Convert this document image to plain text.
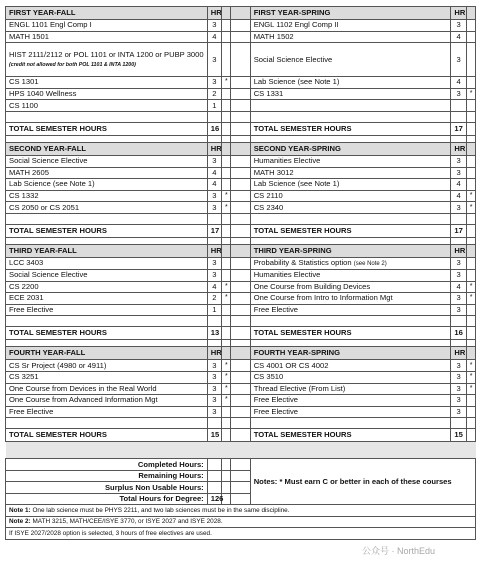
FIRST YEAR-FALL	HR			FIRST YEAR-SPRING	HR	
ENGL 1101 Engl Comp I	3			ENGL 1102 Engl Comp II	3	
MATH 1501	4			MATH 1502	4	
HIST 2111/2112 or POL 1101 or INTA 1200 or PUBP 3000 (credit not allowed for both POL 1101 & INTA 1200)	3			Social Science Elective	3	
CS 1301	3	*		Lab Science (see Note 1)	4	
HPS 1040 Wellness	2			CS 1331	3	*
CS 1100	1					

TOTAL SEMESTER HOURS	16			TOTAL SEMESTER HOURS	17	

SECOND YEAR-FALL	HR			SECOND YEAR-SPRING	HR	
Social Science Elective	3			Humanities Elective	3	
MATH 2605	4			MATH 3012	3	
Lab Science (see Note 1)	4			Lab Science (see Note 1)	4	
CS 1332	3	*		CS 2110	4	*
CS 2050 or CS 2051	3	*		CS 2340	3	*

TOTAL SEMESTER HOURS	17			TOTAL SEMESTER HOURS	17	

THIRD YEAR-FALL	HR			THIRD YEAR-SPRING	HR	
LCC 3403	3			Probability & Statistics option (see Note 2)	3	
Social Science Elective	3			Humanities Elective	3	
CS 2200	4	*		One Course from Building Devices	4	*
ECE 2031	2	*		One Course from Intro to Information Mgt	3	*
Free Elective	1			Free Elective	3	

TOTAL SEMESTER HOURS	13			TOTAL SEMESTER HOURS	16	

FOURTH YEAR-FALL	HR			FOURTH YEAR-SPRING	HR	
CS Sr Project (4980 or 4911)	3	*		CS 4001 OR CS 4002	3	*
CS 3251	3	*		CS 3510	3	*
One Course from Devices in the Real World	3	*		Thread Elective (From List)	3	*
One Course from Advanced Information Mgt	3	*		Free Elective	3	
Free Elective	3			Free Elective	3	

TOTAL SEMESTER HOURS	15			TOTAL SEMESTER HOURS	15	

Completed Hours:				Notes: * Must earn C or better in each of these courses		
Remaining Hours:						
Surplus Non Usable Hours:						
Total Hours for Degree:	126					
Note 1: One lab science must be PHYS 2211, and two lab sciences must be in the same discipline.						
Note 2: MATH 3215, MATH/CEE/ISYE 3770, or ISYE 2027 and ISYE 2028.						
If ISYE 2027/2028 option is selected, 3 hours of free electives are used.						
公众号 · NorthEdu
